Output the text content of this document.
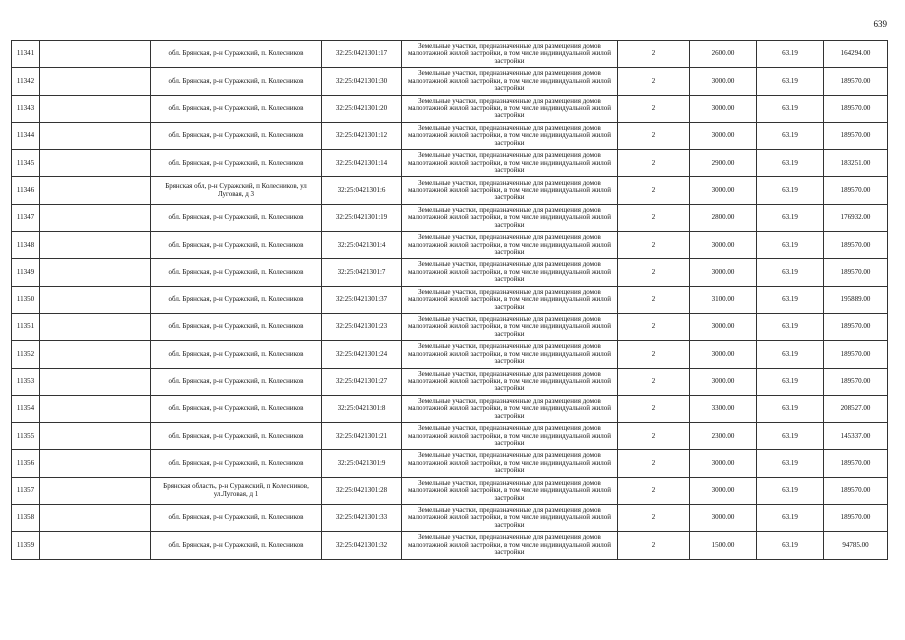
639
11341		обл. Брянская, р-н Суражский, п. Колесников	32:25:0421301:17	Земельные участки, предназначенные для размещения домов малоэтажной жилой застройки, в том числе индивидуальной жилой застройки	2	2600.00	63.19	164294.00
11342		обл. Брянская, р-н Суражский, п. Колесников	32:25:0421301:30	Земельные участки, предназначенные для размещения домов малоэтажной жилой застройки, в том числе индивидуальной жилой застройки	2	3000.00	63.19	189570.00
11343		обл. Брянская, р-н Суражский, п. Колесников	32:25:0421301:20	Земельные участки, предназначенные для размещения домов малоэтажной жилой застройки, в том числе индивидуальной жилой застройки	2	3000.00	63.19	189570.00
11344		обл. Брянская, р-н Суражский, п. Колесников	32:25:0421301:12	Земельные участки, предназначенные для размещения домов малоэтажной жилой застройки, в том числе индивидуальной жилой застройки	2	3000.00	63.19	189570.00
11345		обл. Брянская, р-н Суражский, п. Колесников	32:25:0421301:14	Земельные участки, предназначенные для размещения домов малоэтажной жилой застройки, в том числе индивидуальной жилой застройки	2	2900.00	63.19	183251.00
11346		Брянская обл, р-н Суражский, п Колесников, ул Луговая, д 3	32:25:0421301:6	Земельные участки, предназначенные для размещения домов малоэтажной жилой застройки, в том числе индивидуальной жилой застройки	2	3000.00	63.19	189570.00
11347		обл. Брянская, р-н Суражский, п. Колесников	32:25:0421301:19	Земельные участки, предназначенные для размещения домов малоэтажной жилой застройки, в том числе индивидуальной жилой застройки	2	2800.00	63.19	176932.00
11348		обл. Брянская, р-н Суражский, п. Колесников	32:25:0421301:4	Земельные участки, предназначенные для размещения домов малоэтажной жилой застройки, в том числе индивидуальной жилой застройки	2	3000.00	63.19	189570.00
11349		обл. Брянская, р-н Суражский, п. Колесников	32:25:0421301:7	Земельные участки, предназначенные для размещения домов малоэтажной жилой застройки, в том числе индивидуальной жилой застройки	2	3000.00	63.19	189570.00
11350		обл. Брянская, р-н Суражский, п. Колесников	32:25:0421301:37	Земельные участки, предназначенные для размещения домов малоэтажной жилой застройки, в том числе индивидуальной жилой застройки	2	3100.00	63.19	195889.00
11351		обл. Брянская, р-н Суражский, п. Колесников	32:25:0421301:23	Земельные участки, предназначенные для размещения домов малоэтажной жилой застройки, в том числе индивидуальной жилой застройки	2	3000.00	63.19	189570.00
11352		обл. Брянская, р-н Суражский, п. Колесников	32:25:0421301:24	Земельные участки, предназначенные для размещения домов малоэтажной жилой застройки, в том числе индивидуальной жилой застройки	2	3000.00	63.19	189570.00
11353		обл. Брянская, р-н Суражский, п. Колесников	32:25:0421301:27	Земельные участки, предназначенные для размещения домов малоэтажной жилой застройки, в том числе индивидуальной жилой застройки	2	3000.00	63.19	189570.00
11354		обл. Брянская, р-н Суражский, п. Колесников	32:25:0421301:8	Земельные участки, предназначенные для размещения домов малоэтажной жилой застройки, в том числе индивидуальной жилой застройки	2	3300.00	63.19	208527.00
11355		обл. Брянская, р-н Суражский, п. Колесников	32:25:0421301:21	Земельные участки, предназначенные для размещения домов малоэтажной жилой застройки, в том числе индивидуальной жилой застройки	2	2300.00	63.19	145337.00
11356		обл. Брянская, р-н Суражский, п. Колесников	32:25:0421301:9	Земельные участки, предназначенные для размещения домов малоэтажной жилой застройки, в том числе индивидуальной жилой застройки	2	3000.00	63.19	189570.00
11357		Брянская область, р-н Суражский, п Колесников, ул.Луговая, д 1	32:25:0421301:28	Земельные участки, предназначенные для размещения домов малоэтажной жилой застройки, в том числе индивидуальной жилой застройки	2	3000.00	63.19	189570.00
11358		обл. Брянская, р-н Суражский, п. Колесников	32:25:0421301:33	Земельные участки, предназначенные для размещения домов малоэтажной жилой застройки, в том числе индивидуальной жилой застройки	2	3000.00	63.19	189570.00
11359		обл. Брянская, р-н Суражский, п. Колесников	32:25:0421301:32	Земельные участки, предназначенные для размещения домов малоэтажной жилой застройки, в том числе индивидуальной жилой застройки	2	1500.00	63.19	94785.00
